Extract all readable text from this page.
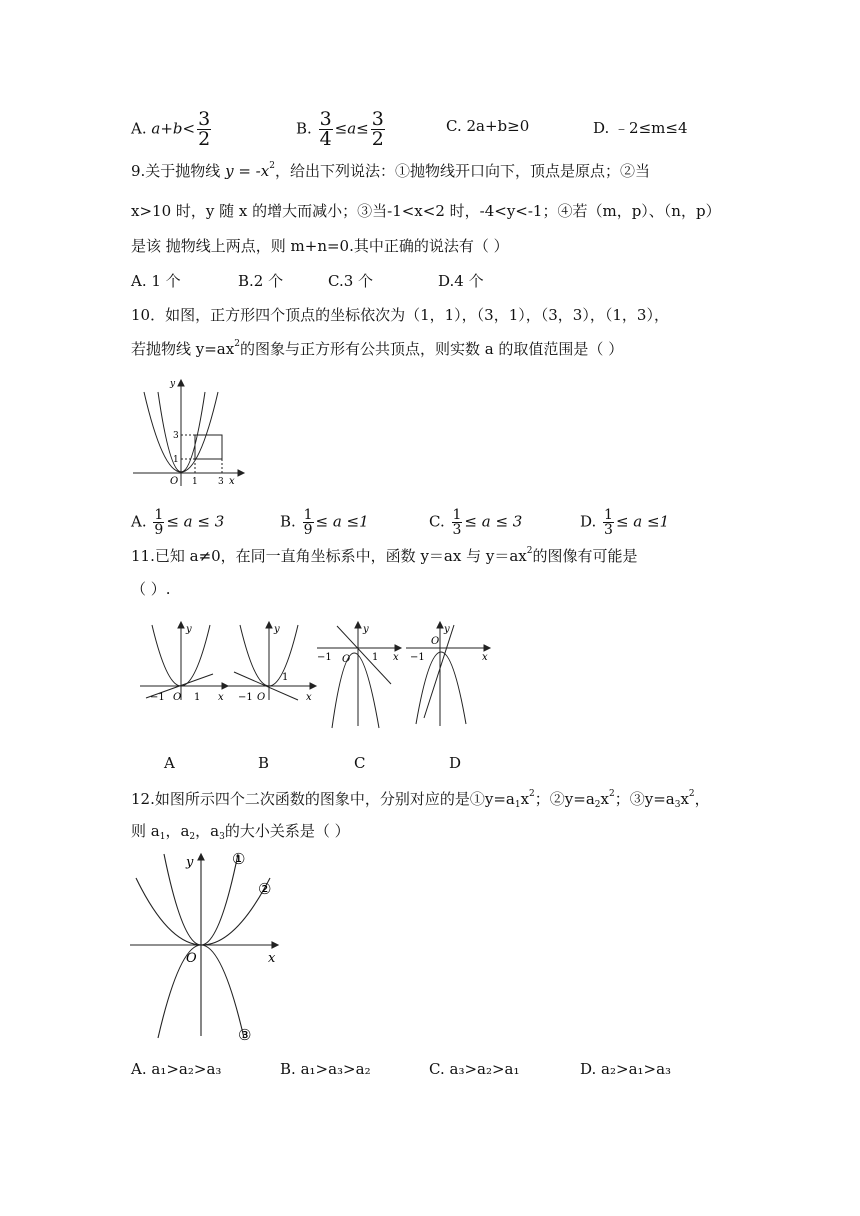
A. $a+b< \frac{3}{2}$	B. $\frac{3}{4} \le a\le \frac{3}{2}$	C. 2a+b≥0	D. ﹣2≤m≤4
9.关于抛物线 $y = -x^2$，给出下列说法：①抛物线开口向下，顶点是原点；②当
x>10 时，y 随 x 的增大而减小；③当-1<x<2 时，-4<y<-1；④若（m，p）、（n，p）
是该 抛物线上两点，则 m+n=0.其中正确的说法有（ ）
A. 1 个	B.2 个	C.3 个	D.4 个
10．如图，正方形四个顶点的坐标依次为（1，1），（3，1），（3，3），（1，3），
若抛物线 $y=ax^2$的图象与正方形有公共顶点，则实数 a 的取值范围是（ ）
y
x
O 1 3
1
3
A. $\frac{1}{9} \le a \le 3$	B. $\frac{1}{9} \le a \le 1$	C. $\frac{1}{3} \le a \le 3$	D. $\frac{1}{3} \le a \le 1$
11.已知 a≠0，在同一直角坐标系中，函数 y＝ax 与 $y=ax^2$的图像有可能是
（ ）.
y
x
O
−1	1
y
x
O
−1
1
y
x
O
−1	1
y
x
O
−1
A	B	C	D
12.如图所示四个二次函数的图象中，分别对应的是$①y=a_1x^2$；$②y=a_2x^2$；$③y=a_3x^2$，
则 $a_1$，$a_2$，$a_3$的大小关系是（ ）
y
x
O
①
②
③
A. a₁>a₂>a₃	B. a₁>a₃>a₂	C. a₃>a₂>a₁	D. a₂>a₁>a₃
